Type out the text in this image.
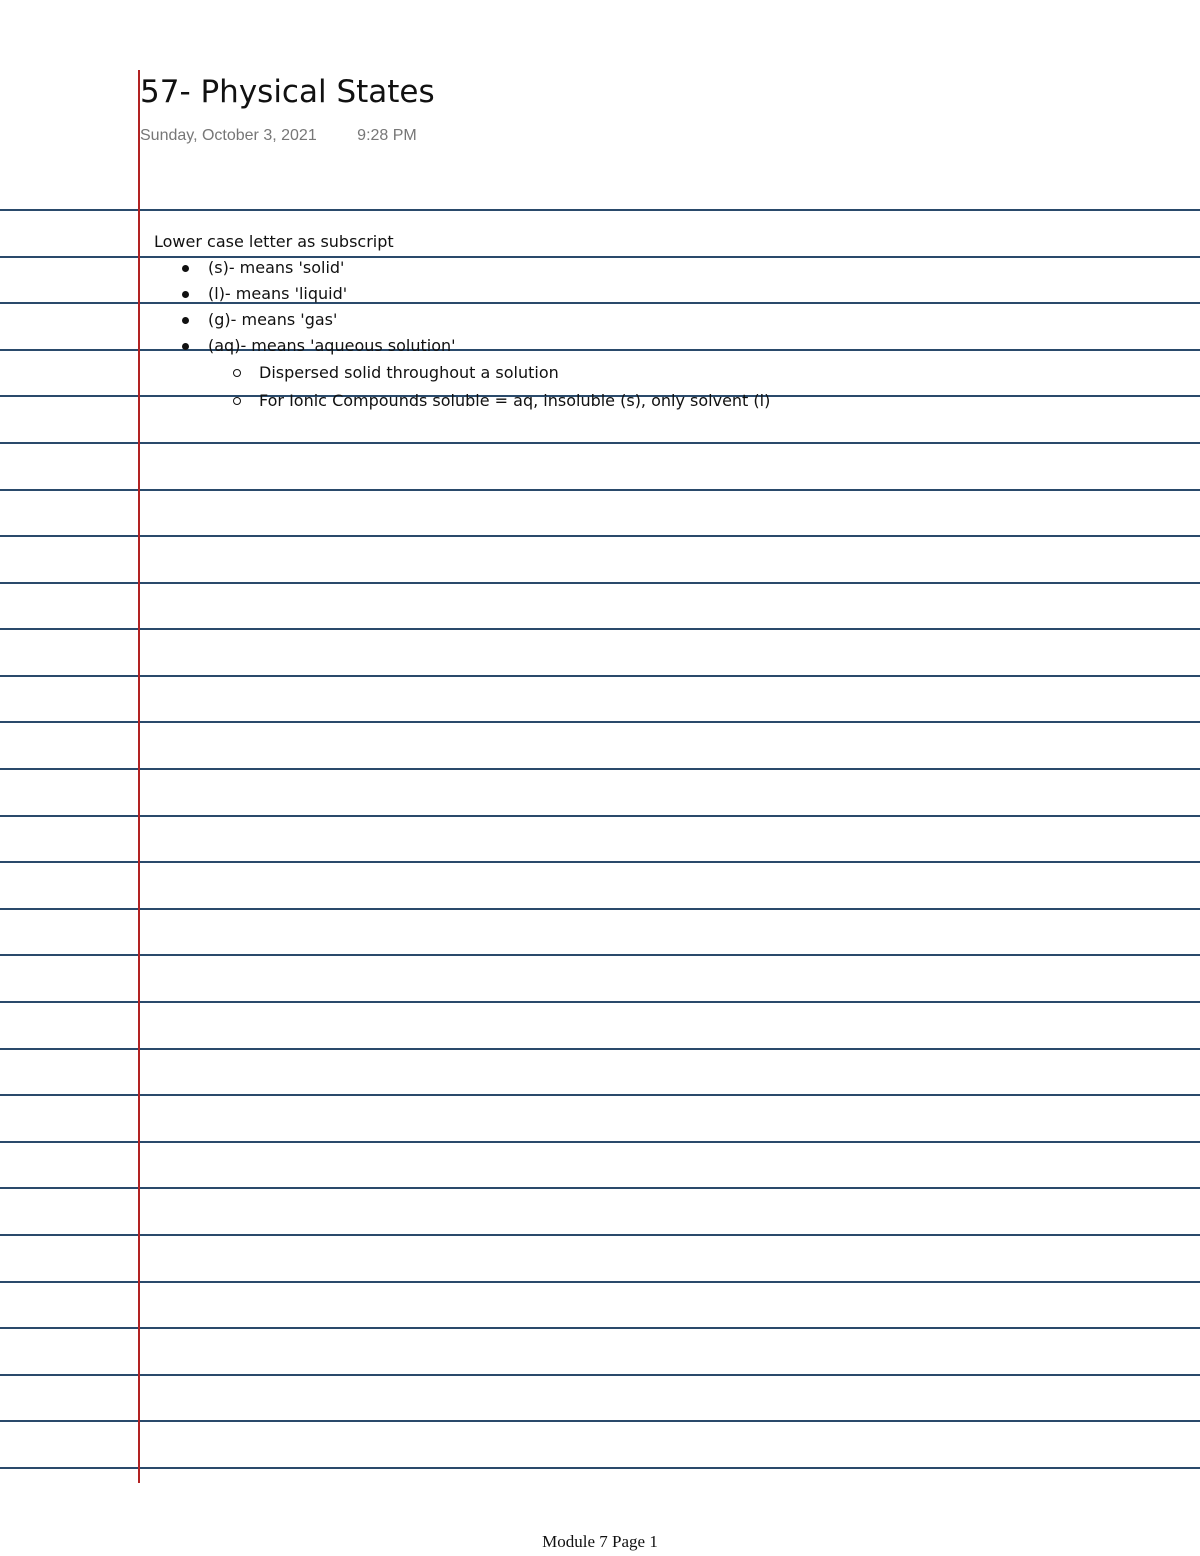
57- Physical States
Sunday, October 3, 2021	9:28 PM
Lower case letter as subscript
(s)- means 'solid'
(l)- means 'liquid'
(g)- means 'gas'
(aq)- means 'aqueous solution'
Dispersed solid throughout a solution
For Ionic Compounds soluble = aq, insoluble (s), only solvent (l)
Module 7 Page 1
